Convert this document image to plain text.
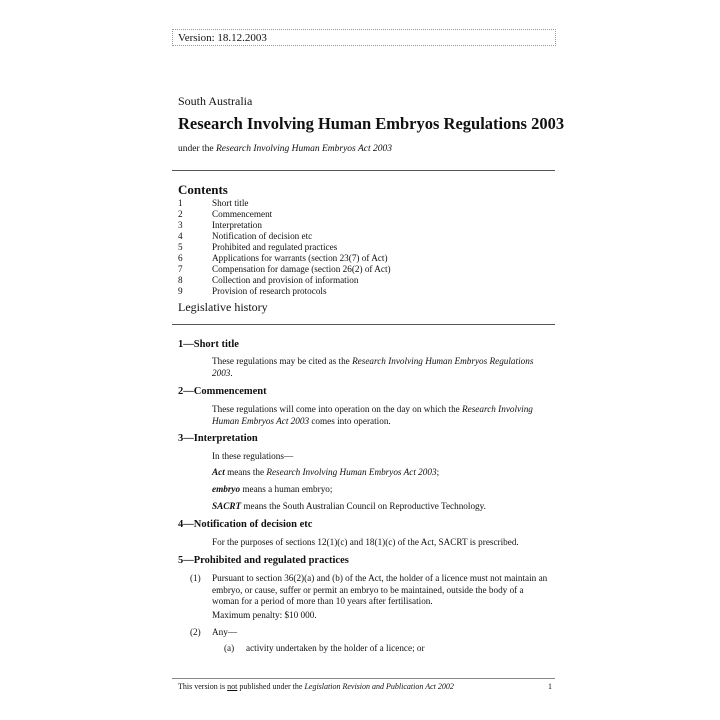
Version: 18.12.2003
South Australia
Research Involving Human Embryos Regulations 2003
under the Research Involving Human Embryos Act 2003
Contents
1	Short title
2	Commencement
3	Interpretation
4	Notification of decision etc
5	Prohibited and regulated practices
6	Applications for warrants (section 23(7) of Act)
7	Compensation for damage (section 26(2) of Act)
8	Collection and provision of information
9	Provision of research protocols
Legislative history
1—Short title

These regulations may be cited as the Research Involving Human Embryos Regulations 2003.

2—Commencement

These regulations will come into operation on the day on which the Research Involving Human Embryos Act 2003 comes into operation.

3—Interpretation

In these regulations—

Act means the Research Involving Human Embryos Act 2003;

embryo means a human embryo;

SACRT means the South Australian Council on Reproductive Technology.

4—Notification of decision etc

For the purposes of sections 12(1)(c) and 18(1)(c) of the Act, SACRT is prescribed.

5—Prohibited and regulated practices
(1) Pursuant to section 36(2)(a) and (b) of the Act, the holder of a licence must not maintain an embryo, or cause, suffer or permit an embryo to be maintained, outside the body of a woman for a period of more than 10 years after fertilisation.

Maximum penalty: $10 000.

(2) Any—

(a) activity undertaken by the holder of a licence; or

This version is not published under the Legislation Revision and Publication Act 2002	1
